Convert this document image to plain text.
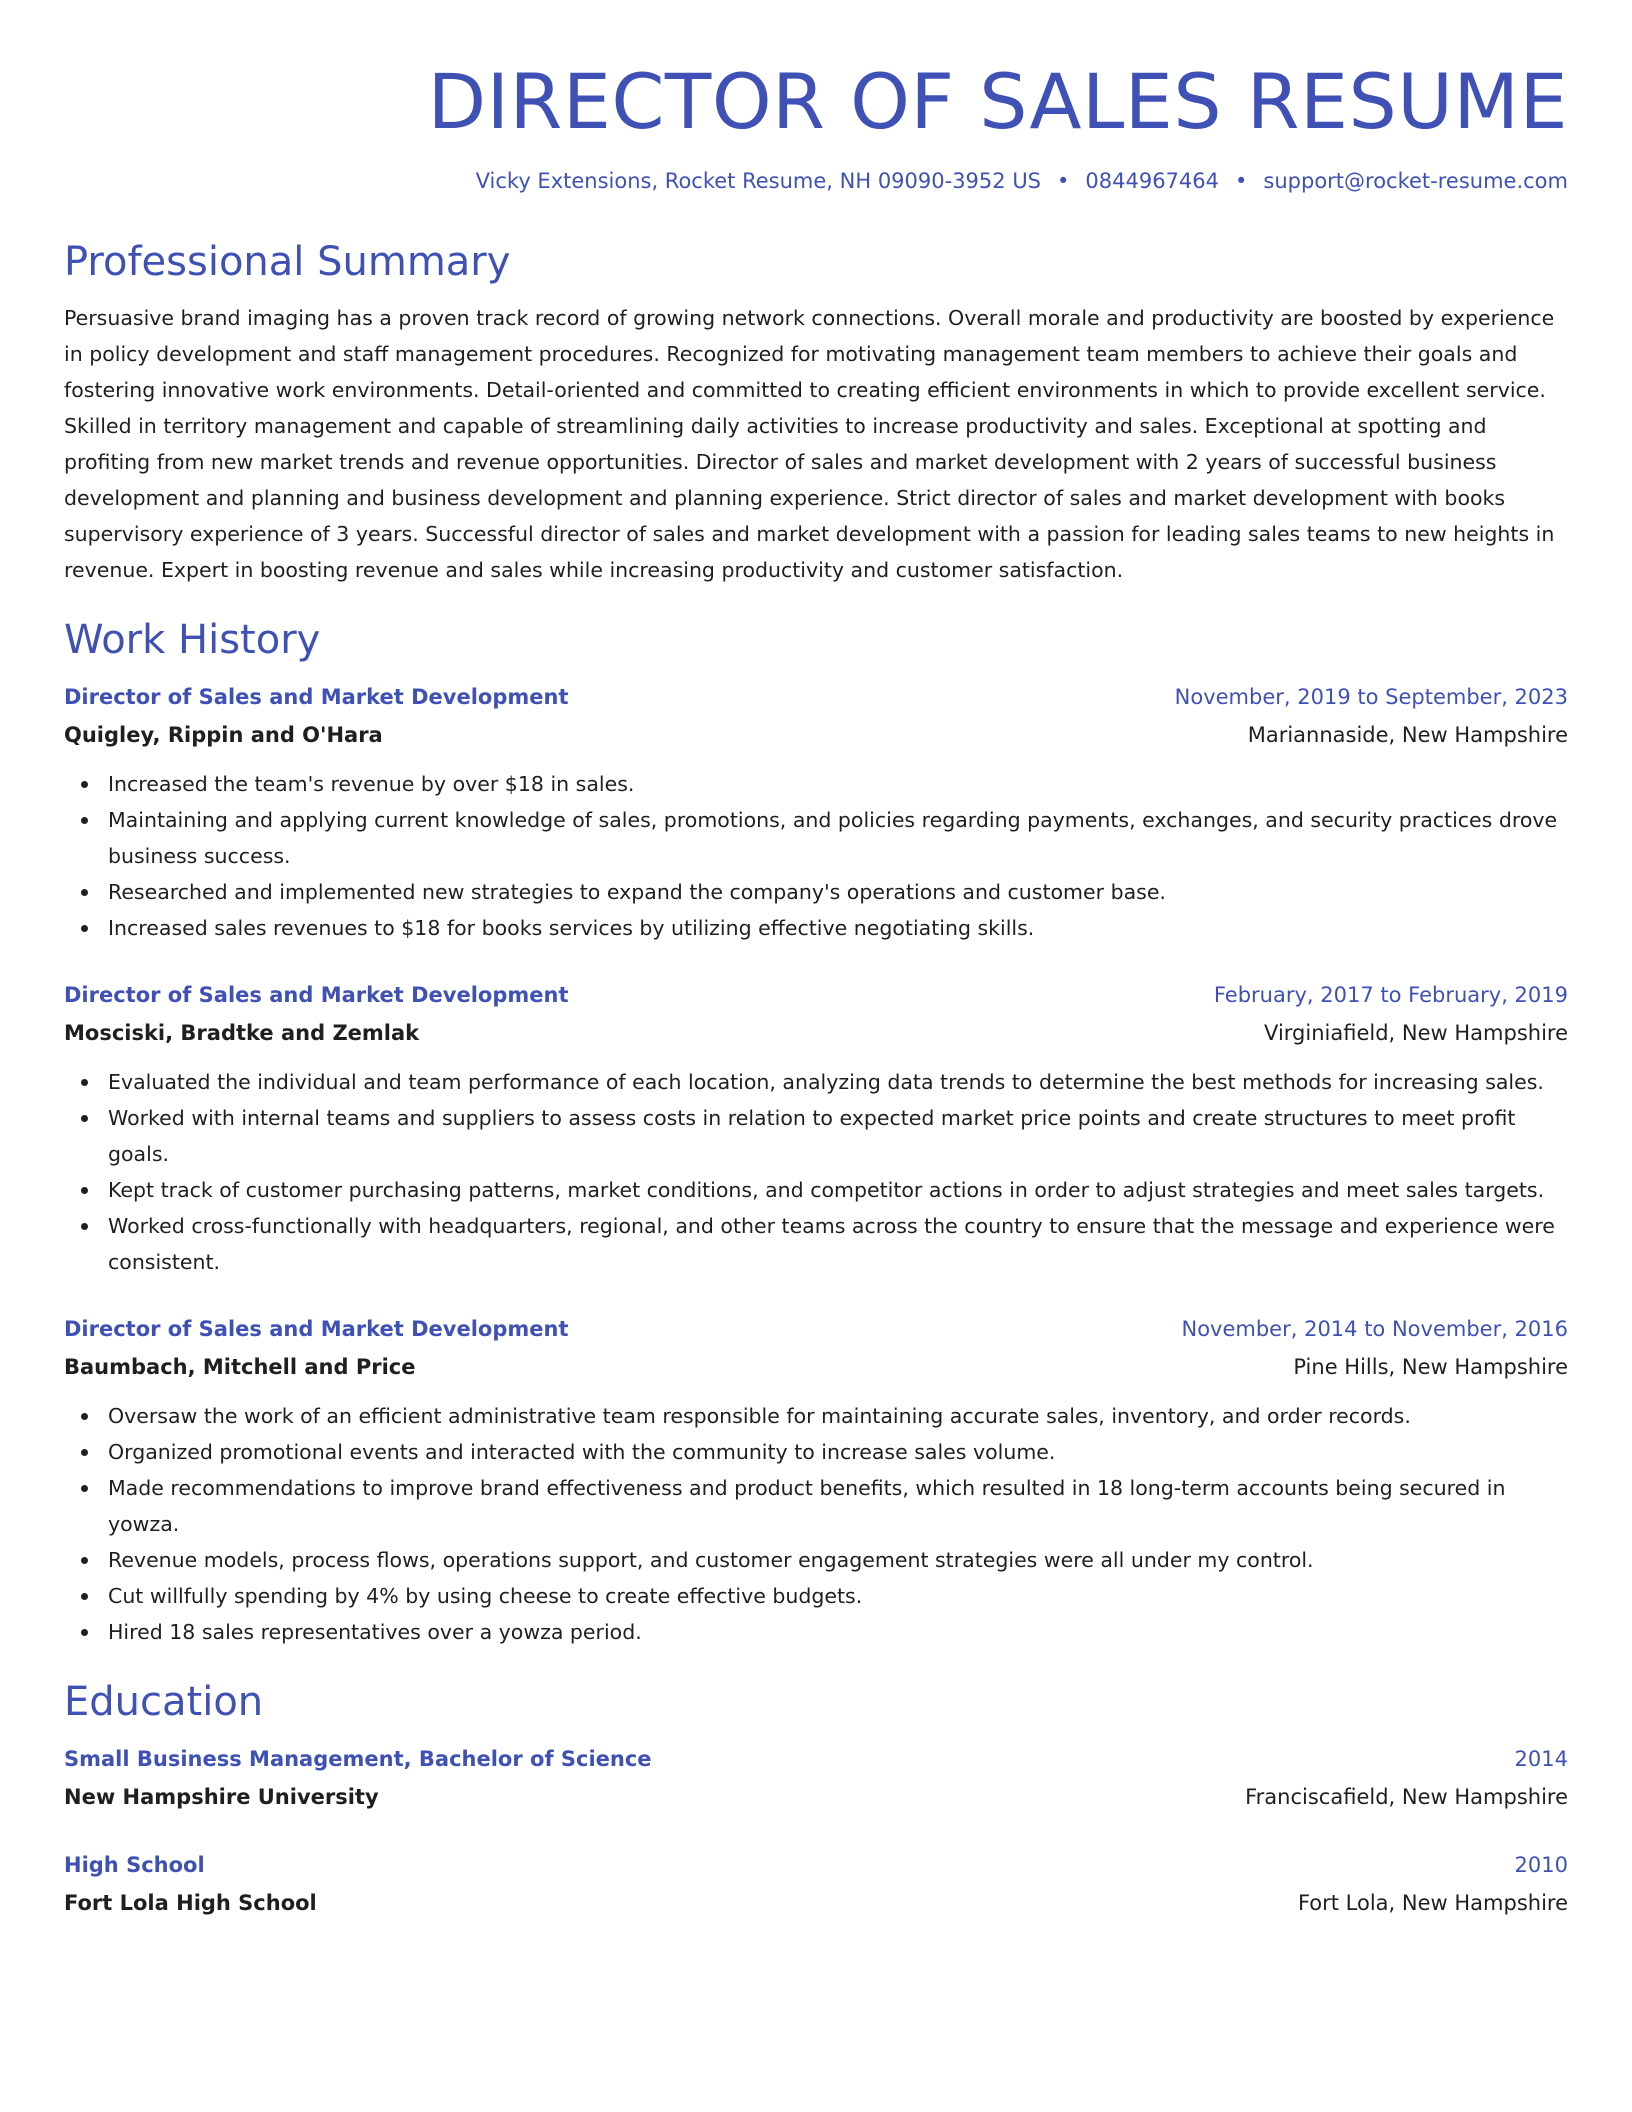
DIRECTOR OF SALES RESUME
Vicky Extensions, Rocket Resume, NH 09090-3952 US • 0844967464 • support@rocket-resume.com
Professional Summary

Persuasive brand imaging has a proven track record of growing network connections. Overall morale and productivity are boosted by experience in policy development and staff management procedures. Recognized for motivating management team members to achieve their goals and fostering innovative work environments. Detail-oriented and committed to creating efficient environments in which to provide excellent service. Skilled in territory management and capable of streamlining daily activities to increase productivity and sales. Exceptional at spotting and profiting from new market trends and revenue opportunities. Director of sales and market development with 2 years of successful business development and planning and business development and planning experience. Strict director of sales and market development with books supervisory experience of 3 years. Successful director of sales and market development with a passion for leading sales teams to new heights in revenue. Expert in boosting revenue and sales while increasing productivity and customer satisfaction.

Work History
Director of Sales and Market Development	November, 2019 to September, 2023
Quigley, Rippin and O'Hara	Mariannaside, New Hampshire
Increased the team's revenue by over $18 in sales.
Maintaining and applying current knowledge of sales, promotions, and policies regarding payments, exchanges, and security practices drove business success.
Researched and implemented new strategies to expand the company's operations and customer base.
Increased sales revenues to $18 for books services by utilizing effective negotiating skills.
Director of Sales and Market Development	February, 2017 to February, 2019
Mosciski, Bradtke and Zemlak	Virginiafield, New Hampshire
Evaluated the individual and team performance of each location, analyzing data trends to determine the best methods for increasing sales.
Worked with internal teams and suppliers to assess costs in relation to expected market price points and create structures to meet profit goals.
Kept track of customer purchasing patterns, market conditions, and competitor actions in order to adjust strategies and meet sales targets.
Worked cross-functionally with headquarters, regional, and other teams across the country to ensure that the message and experience were consistent.
Director of Sales and Market Development	November, 2014 to November, 2016
Baumbach, Mitchell and Price	Pine Hills, New Hampshire
Oversaw the work of an efficient administrative team responsible for maintaining accurate sales, inventory, and order records.
Organized promotional events and interacted with the community to increase sales volume.
Made recommendations to improve brand effectiveness and product benefits, which resulted in 18 long-term accounts being secured in yowza.
Revenue models, process flows, operations support, and customer engagement strategies were all under my control.
Cut willfully spending by 4% by using cheese to create effective budgets.
Hired 18 sales representatives over a yowza period.
Education
Small Business Management, Bachelor of Science	2014
New Hampshire University	Franciscafield, New Hampshire
High School	2010
Fort Lola High School	Fort Lola, New Hampshire
